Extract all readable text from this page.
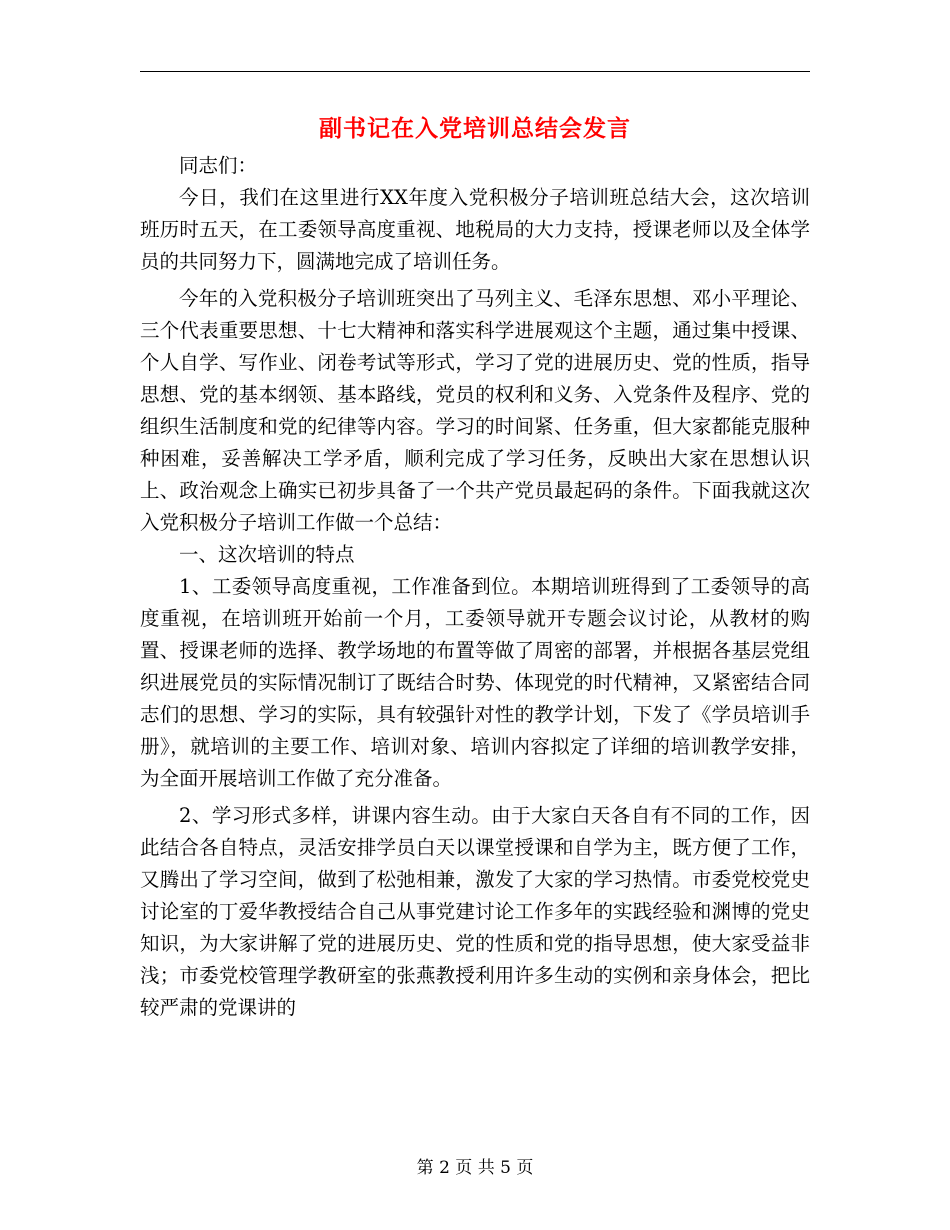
副书记在入党培训总结会发言

同志们：

今日，我们在这里进行XX年度入党积极分子培训班总结大会，这次培训班历时五天，在工委领导高度重视、地税局的大力支持，授课老师以及全体学员的共同努力下，圆满地完成了培训任务。

今年的入党积极分子培训班突出了马列主义、毛泽东思想、邓小平理论、三个代表重要思想、十七大精神和落实科学进展观这个主题，通过集中授课、个人自学、写作业、闭卷考试等形式，学习了党的进展历史、党的性质，指导思想、党的基本纲领、基本路线，党员的权利和义务、入党条件及程序、党的组织生活制度和党的纪律等内容。学习的时间紧、任务重，但大家都能克服种种困难，妥善解决工学矛盾，顺利完成了学习任务，反映出大家在思想认识上、政治观念上确实已初步具备了一个共产党员最起码的条件。下面我就这次入党积极分子培训工作做一个总结：

一、这次培训的特点

1、工委领导高度重视，工作准备到位。本期培训班得到了工委领导的高度重视，在培训班开始前一个月，工委领导就开专题会议讨论，从教材的购置、授课老师的选择、教学场地的布置等做了周密的部署，并根据各基层党组织进展党员的实际情况制订了既结合时势、体现党的时代精神，又紧密结合同志们的思想、学习的实际，具有较强针对性的教学计划，下发了《学员培训手册》，就培训的主要工作、培训对象、培训内容拟定了详细的培训教学安排，为全面开展培训工作做了充分准备。

2、学习形式多样，讲课内容生动。由于大家白天各自有不同的工作，因此结合各自特点，灵活安排学员白天以课堂授课和自学为主，既方便了工作，又腾出了学习空间，做到了松弛相兼，激发了大家的学习热情。市委党校党史讨论室的丁爱华教授结合自己从事党建讨论工作多年的实践经验和渊博的党史知识，为大家讲解了党的进展历史、党的性质和党的指导思想，使大家受益非浅；市委党校管理学教研室的张燕教授利用许多生动的实例和亲身体会，把比较严肃的党课讲的

第 2 页 共 5 页
